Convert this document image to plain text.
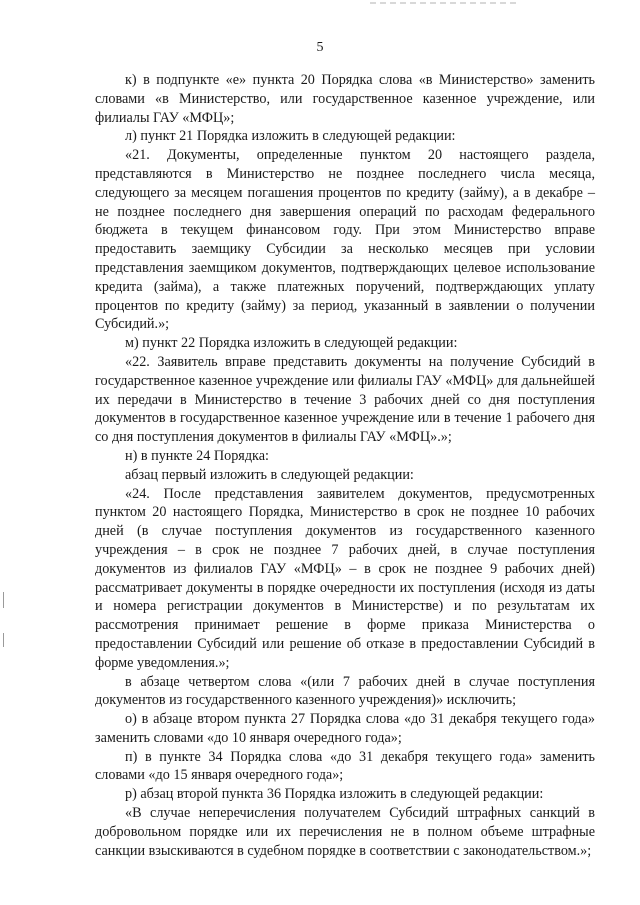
5

к) в подпункте «е» пункта 20 Порядка слова «в Министерство» заменить словами «в Министерство, или государственное казенное учреждение, или филиалы ГАУ «МФЦ»;

л) пункт 21 Порядка изложить в следующей редакции:

«21. Документы, определенные пунктом 20 настоящего раздела, представляются в Министерство не позднее последнего числа месяца, следующего за месяцем погашения процентов по кредиту (займу), а в декабре – не позднее последнего дня завершения операций по расходам федерального бюджета в текущем финансовом году. При этом Министерство вправе предоставить заемщику Субсидии за несколько месяцев при условии представления заемщиком документов, подтверждающих целевое использование кредита (займа), а также платежных поручений, подтверждающих уплату процентов по кредиту (займу) за период, указанный в заявлении о получении Субсидий.»;

м) пункт 22 Порядка изложить в следующей редакции:

«22. Заявитель вправе представить документы на получение Субсидий в государственное казенное учреждение или филиалы ГАУ «МФЦ» для дальнейшей их передачи в Министерство в течение 3 рабочих дней со дня поступления документов в государственное казенное учреждение или в течение 1 рабочего дня со дня поступления документов в филиалы ГАУ «МФЦ».»;

н) в пункте 24 Порядка:

абзац первый изложить в следующей редакции:

«24. После представления заявителем документов, предусмотренных пунктом 20 настоящего Порядка, Министерство в срок не позднее 10 рабочих дней (в случае поступления документов из государственного казенного учреждения – в срок не позднее 7 рабочих дней, в случае поступления документов из филиалов ГАУ «МФЦ» – в срок не позднее 9 рабочих дней) рассматривает документы в порядке очередности их поступления (исходя из даты и номера регистрации документов в Министерстве) и по результатам их рассмотрения принимает решение в форме приказа Министерства о предоставлении Субсидий или решение об отказе в предоставлении Субсидий в форме уведомления.»;

в абзаце четвертом слова «(или 7 рабочих дней в случае поступления документов из государственного казенного учреждения)» исключить;

о) в абзаце втором пункта 27 Порядка слова «до 31 декабря текущего года» заменить словами «до 10 января очередного года»;

п) в пункте 34 Порядка слова «до 31 декабря текущего года» заменить словами «до 15 января очередного года»;

р) абзац второй пункта 36 Порядка изложить в следующей редакции:

«В случае неперечисления получателем Субсидий штрафных санкций в добровольном порядке или их перечисления не в полном объеме штрафные санкции взыскиваются в судебном порядке в соответствии с законодательством.»;
